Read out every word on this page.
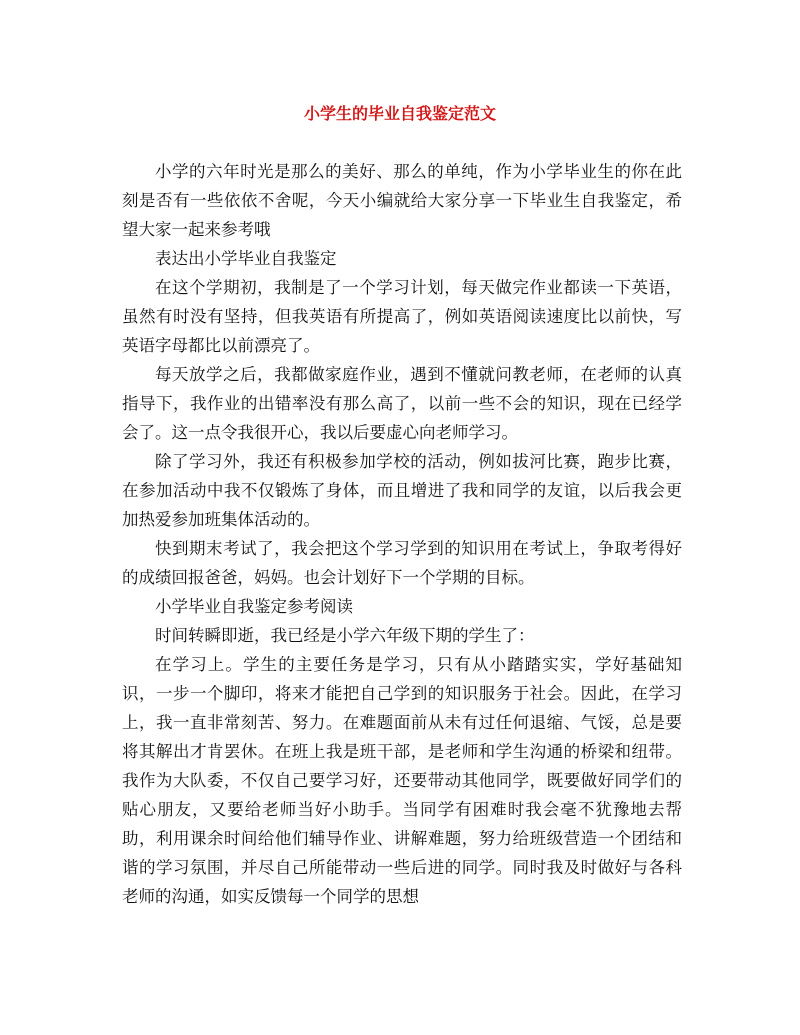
小学生的毕业自我鉴定范文

小学的六年时光是那么的美好、那么的单纯，作为小学毕业生的你在此刻是否有一些依依不舍呢，今天小编就给大家分享一下毕业生自我鉴定，希望大家一起来参考哦

表达出小学毕业自我鉴定

在这个学期初，我制是了一个学习计划，每天做完作业都读一下英语，虽然有时没有坚持，但我英语有所提高了，例如英语阅读速度比以前快，写英语字母都比以前漂亮了。

每天放学之后，我都做家庭作业，遇到不懂就问教老师，在老师的认真指导下，我作业的出错率没有那么高了，以前一些不会的知识，现在已经学会了。这一点令我很开心，我以后要虚心向老师学习。

除了学习外，我还有积极参加学校的活动，例如拔河比赛，跑步比赛，在参加活动中我不仅锻炼了身体，而且增进了我和同学的友谊，以后我会更加热爱参加班集体活动的。

快到期末考试了，我会把这个学习学到的知识用在考试上，争取考得好的成绩回报爸爸，妈妈。也会计划好下一个学期的目标。

小学毕业自我鉴定参考阅读

时间转瞬即逝，我已经是小学六年级下期的学生了：

在学习上。学生的主要任务是学习，只有从小踏踏实实，学好基础知识，一步一个脚印，将来才能把自己学到的知识服务于社会。因此，在学习上，我一直非常刻苦、努力。在难题面前从未有过任何退缩、气馁，总是要将其解出才肯罢休。在班上我是班干部，是老师和学生沟通的桥梁和纽带。我作为大队委，不仅自己要学习好，还要带动其他同学，既要做好同学们的贴心朋友，又要给老师当好小助手。当同学有困难时我会毫不犹豫地去帮助，利用课余时间给他们辅导作业、讲解难题，努力给班级营造一个团结和谐的学习氛围，并尽自己所能带动一些后进的同学。同时我及时做好与各科老师的沟通，如实反馈每一个同学的思想
